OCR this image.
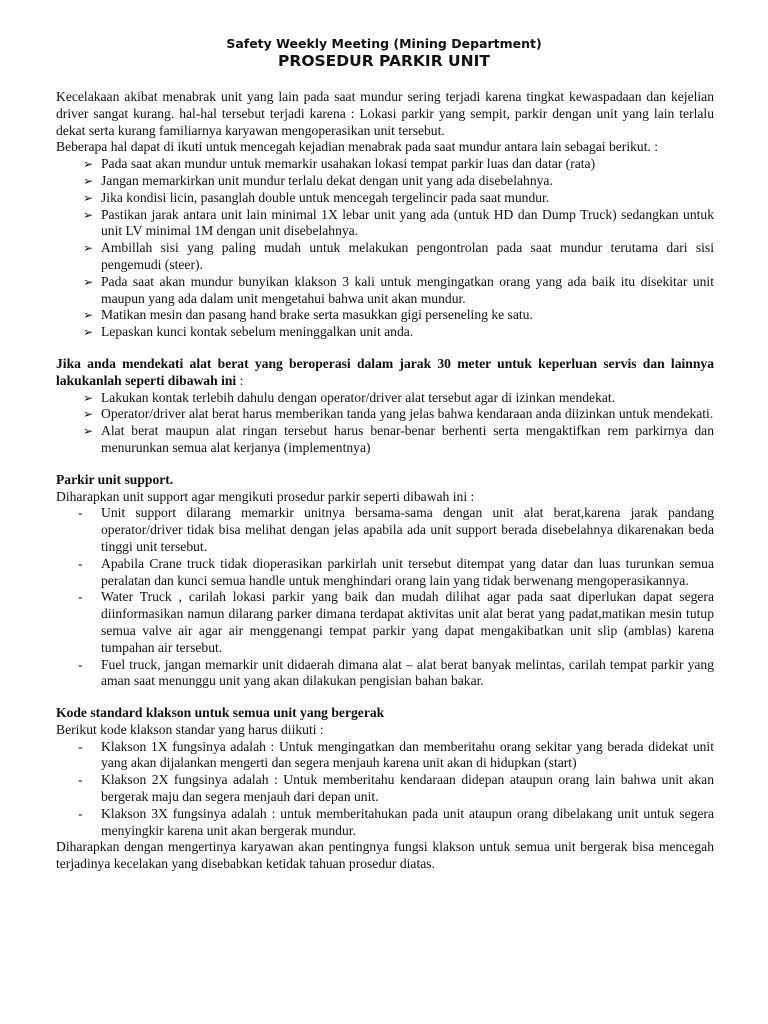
Safety Weekly Meeting (Mining Department)
PROSEDUR PARKIR UNIT

Kecelakaan akibat menabrak unit yang lain pada saat mundur sering terjadi karena tingkat kewaspadaan dan kejelian driver sangat kurang. hal-hal tersebut terjadi karena : Lokasi parkir yang sempit, parkir dengan unit yang lain terlalu dekat serta kurang familiarnya karyawan mengoperasikan unit tersebut.

Beberapa hal dapat di ikuti untuk mencegah kejadian menabrak pada saat mundur antara lain sebagai berikut. :

➢ Pada saat akan mundur untuk memarkir usahakan lokasi tempat parkir luas dan datar (rata)
➢ Jangan memarkirkan unit mundur terlalu dekat dengan unit yang ada disebelahnya.
➢ Jika kondisi licin, pasanglah double untuk mencegah tergelincir pada saat mundur.
➢ Pastikan jarak antara unit lain minimal 1X lebar unit yang ada (untuk HD dan Dump Truck) sedangkan untuk unit LV minimal 1M dengan unit disebelahnya.
➢ Ambillah sisi yang paling mudah untuk melakukan pengontrolan pada saat mundur terutama dari sisi pengemudi (steer).
➢ Pada saat akan mundur bunyikan klakson 3 kali untuk mengingatkan orang yang ada baik itu disekitar unit maupun yang ada dalam unit mengetahui bahwa unit akan mundur.
➢ Matikan mesin dan pasang hand brake serta masukkan gigi perseneling ke satu.
➢ Lepaskan kunci kontak sebelum meninggalkan unit anda.

Jika anda mendekati alat berat yang beroperasi dalam jarak 30 meter untuk keperluan servis dan lainnya lakukanlah seperti dibawah ini :

➢ Lakukan kontak terlebih dahulu dengan operator/driver alat tersebut agar di izinkan mendekat.
➢ Operator/driver alat berat harus memberikan tanda yang jelas bahwa kendaraan anda diizinkan untuk mendekati.
➢ Alat berat maupun alat ringan tersebut harus benar-benar berhenti serta mengaktifkan rem parkirnya dan menurunkan semua alat kerjanya (implementnya)

Parkir unit support.

Diharapkan unit support agar mengikuti prosedur parkir seperti dibawah ini :

- Unit support dilarang memarkir unitnya bersama-sama dengan unit alat berat,karena jarak pandang operator/driver tidak bisa melihat dengan jelas apabila ada unit support berada disebelahnya dikarenakan beda tinggi unit tersebut.
- Apabila Crane truck tidak dioperasikan parkirlah unit tersebut ditempat yang datar dan luas turunkan semua peralatan dan kunci semua handle untuk menghindari orang lain yang tidak berwenang mengoperasikannya.
- Water Truck , carilah lokasi parkir yang baik dan mudah dilihat agar pada saat diperlukan dapat segera diinformasikan namun dilarang parker dimana terdapat aktivitas unit alat berat yang padat,matikan mesin tutup semua valve air agar air menggenangi tempat parkir yang dapat mengakibatkan unit slip (amblas) karena tumpahan air tersebut.
- Fuel truck, jangan memarkir unit didaerah dimana alat – alat berat banyak melintas, carilah tempat parkir yang aman saat menunggu unit yang akan dilakukan pengisian bahan bakar.

Kode standard klakson untuk semua unit yang bergerak

Berikut kode klakson standar yang harus diikuti :

- Klakson 1X fungsinya adalah : Untuk mengingatkan dan memberitahu orang sekitar yang berada didekat unit yang akan dijalankan mengerti dan segera menjauh karena unit akan di hidupkan (start)
- Klakson 2X fungsinya adalah : Untuk memberitahu kendaraan didepan ataupun orang lain bahwa unit akan bergerak maju dan segera menjauh dari depan unit.
- Klakson 3X fungsinya adalah : untuk memberitahukan pada unit ataupun orang dibelakang unit untuk segera menyingkir karena unit akan bergerak mundur.

Diharapkan dengan mengertinya karyawan akan pentingnya fungsi klakson untuk semua unit bergerak bisa mencegah terjadinya kecelakan yang disebabkan ketidak tahuan prosedur diatas.
